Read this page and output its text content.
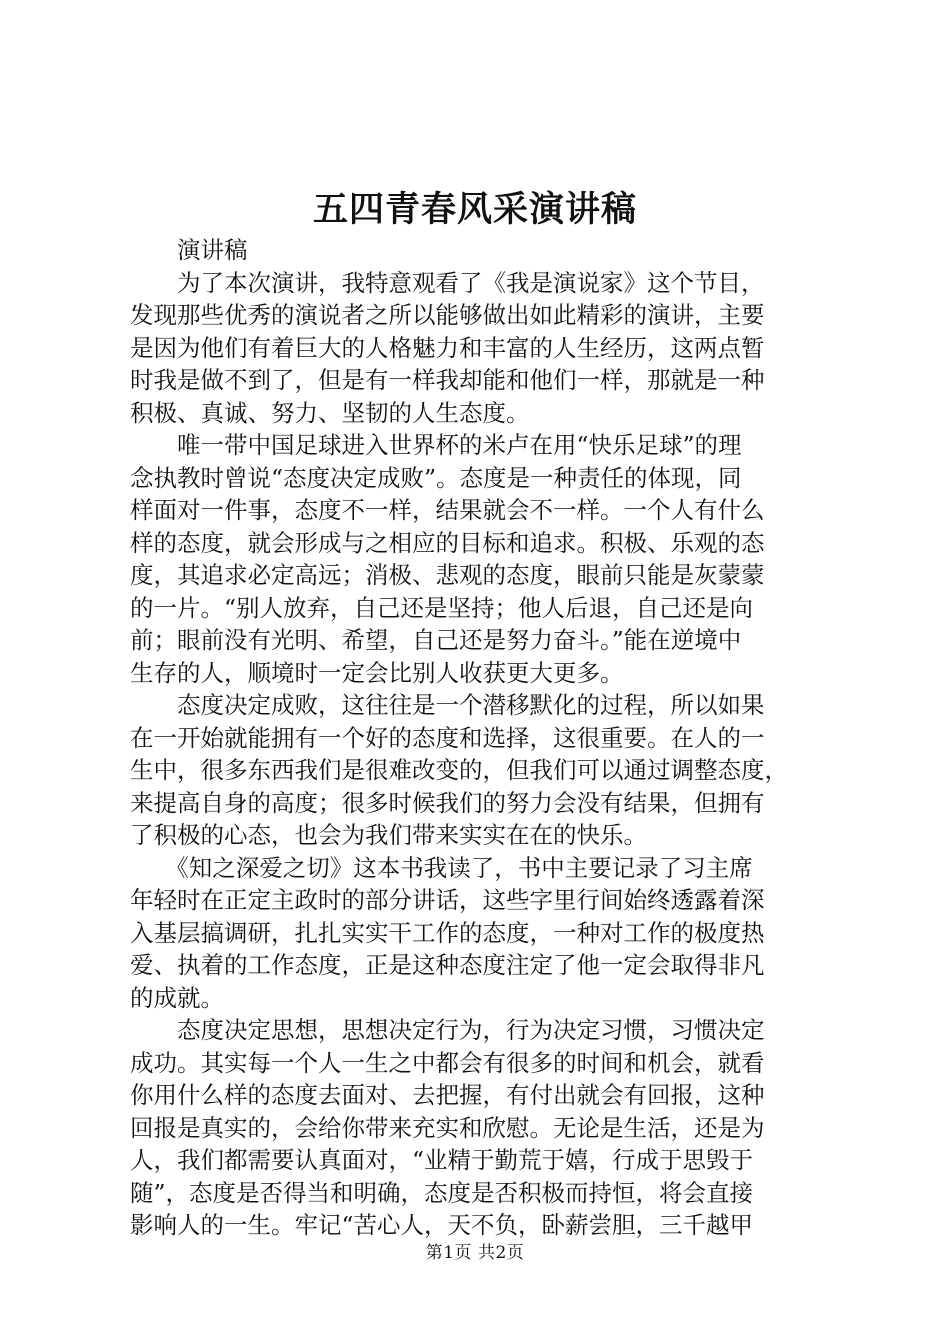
五四青春风采演讲稿
　　演讲稿
　　为了本次演讲，我特意观看了《我是演说家》这个节目，
发现那些优秀的演说者之所以能够做出如此精彩的演讲，主要
是因为他们有着巨大的人格魅力和丰富的人生经历，这两点暂
时我是做不到了，但是有一样我却能和他们一样，那就是一种
积极、真诚、努力、坚韧的人生态度。
　　唯一带中国足球进入世界杯的米卢在用“快乐足球”的理
念执教时曾说“态度决定成败”。态度是一种责任的体现，同
样面对一件事，态度不一样，结果就会不一样。一个人有什么
样的态度，就会形成与之相应的目标和追求。积极、乐观的态
度，其追求必定高远；消极、悲观的态度，眼前只能是灰蒙蒙
的一片。“别人放弃，自己还是坚持；他人后退，自己还是向
前；眼前没有光明、希望，自己还是努力奋斗。”能在逆境中
生存的人，顺境时一定会比别人收获更大更多。
　　态度决定成败，这往往是一个潜移默化的过程，所以如果
在一开始就能拥有一个好的态度和选择，这很重要。在人的一
生中，很多东西我们是很难改变的，但我们可以通过调整态度，
来提高自身的高度；很多时候我们的努力会没有结果，但拥有
了积极的心态，也会为我们带来实实在在的快乐。
　　《知之深爱之切》这本书我读了，书中主要记录了习主席
年轻时在正定主政时的部分讲话，这些字里行间始终透露着深
入基层搞调研，扎扎实实干工作的态度，一种对工作的极度热
爱、执着的工作态度，正是这种态度注定了他一定会取得非凡
的成就。
　　态度决定思想，思想决定行为，行为决定习惯，习惯决定
成功。其实每一个人一生之中都会有很多的时间和机会，就看
你用什么样的态度去面对、去把握，有付出就会有回报，这种
回报是真实的，会给你带来充实和欣慰。无论是生活，还是为
人，我们都需要认真面对，“业精于勤荒于嬉，行成于思毁于
随”，态度是否得当和明确，态度是否积极而持恒，将会直接
影响人的一生。牢记“苦心人，天不负，卧薪尝胆，三千越甲
第1页 共2页
